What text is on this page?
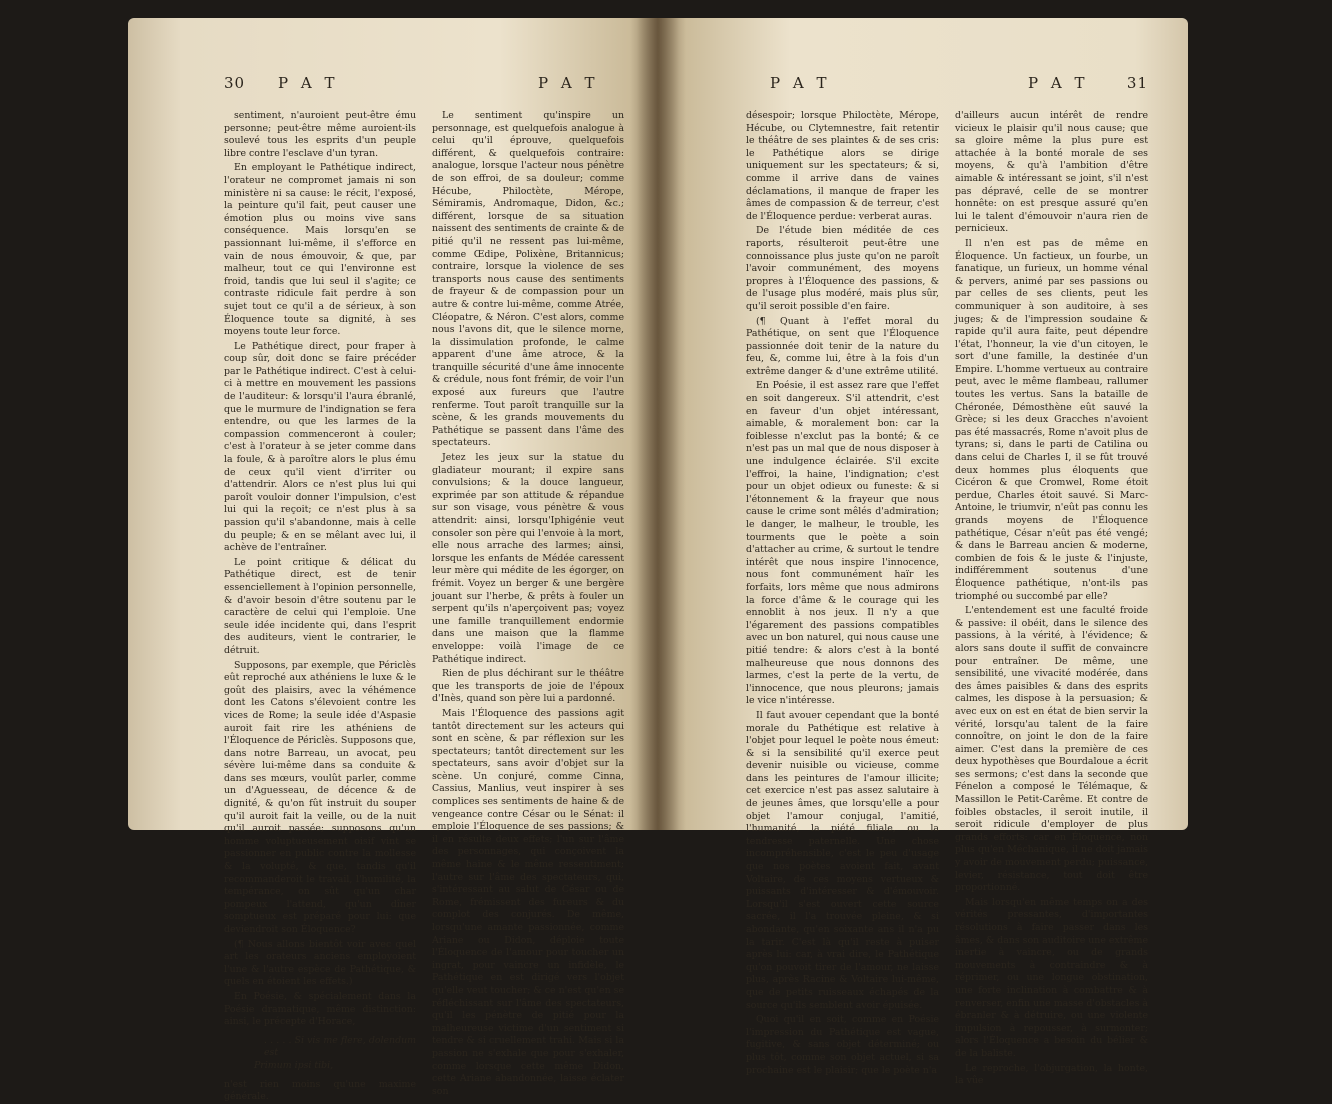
30 P A T	P A T

sentiment, n'auroient peut-être ému personne; peut-être même auroient-ils soulevé tous les esprits d'un peuple libre contre l'esclave d'un tyran.

En employant le Pathétique indirect, l'orateur ne compromet jamais ni son ministère ni sa cause: le récit, l'exposé, la peinture qu'il fait, peut causer une émotion plus ou moins vive sans conséquence. Mais lorsqu'en se passionnant lui-même, il s'efforce en vain de nous émouvoir, & que, par malheur, tout ce qui l'environne est froid, tandis que lui seul il s'agite; ce contraste ridicule fait perdre à son sujet tout ce qu'il a de sérieux, à son Éloquence toute sa dignité, à ses moyens toute leur force.

Le Pathétique direct, pour fraper à coup sûr, doit donc se faire précéder par le Pathétique indirect. C'est à celui-ci à mettre en mouvement les passions de l'auditeur: & lorsqu'il l'aura ébranlé, que le murmure de l'indignation se fera entendre, ou que les larmes de la compassion commenceront à couler; c'est à l'orateur à se jeter comme dans la foule, & à paroître alors le plus ému de ceux qu'il vient d'irriter ou d'attendrir. Alors ce n'est plus lui qui paroît vouloir donner l'impulsion, c'est lui qui la reçoit; ce n'est plus à sa passion qu'il s'abandonne, mais à celle du peuple; & en se mêlant avec lui, il achève de l'entraîner.

Le point critique & délicat du Pathétique direct, est de tenir essenciellement à l'opinion personnelle, & d'avoir besoin d'être soutenu par le caractère de celui qui l'emploie. Une seule idée incidente qui, dans l'esprit des auditeurs, vient le contrarier, le détruit.

Supposons, par exemple, que Périclès eût reproché aux athéniens le luxe & le goût des plaisirs, avec la véhémence dont les Catons s'élevoient contre les vices de Rome; la seule idée d'Aspasie auroit fait rire les athéniens de l'Éloquence de Périclès. Supposons que, dans notre Barreau, un avocat, peu sévère lui-même dans sa conduite & dans ses mœurs, voulût parler, comme un d'Aguesseau, de décence & de dignité, & qu'on fût instruit du souper qu'il auroit fait la veille, ou de la nuit qu'il auroit passée; supposons qu'un homme voluptueusement oisif vint se passionner en public contre la mollesse & la volupté, & que, tandis qu'il recommanderoit le travail, l'humilité, la tempérance, on sût qu'un char pompeux l'attend, qu'un dîner somptueux est préparé pour lui: que deviendroit son Éloquence?

(¶ Nous allons bientôt voir avec quel art les orateurs anciens employoient l'une & l'autre espèce de Pathétique, & quels en étoient les effets.)

En Poésie, & spécialement dans la Poésie dramatique, même distinction: ainsi, le précepte d'Horace,

. . . . . Si vis me flere, dolendum est

Primum ipsi tibi,

n'est rien moins qu'une maxime générale.

Le sentiment qu'inspire un personnage, est quelquefois analogue à celui qu'il éprouve, quelquefois différent, & quelquefois contraire: analogue, lorsque l'acteur nous pénètre de son effroi, de sa douleur; comme Hécube, Philoctète, Mérope, Sémiramis, Andromaque, Didon, &c.; différent, lorsque de sa situation naissent des sentiments de crainte & de pitié qu'il ne ressent pas lui-même, comme Œdipe, Polixène, Britannicus; contraire, lorsque la violence de ses transports nous cause des sentiments de frayeur & de compassion pour un autre & contre lui-même, comme Atrée, Cléopatre, & Néron. C'est alors, comme nous l'avons dit, que le silence morne, la dissimulation profonde, le calme apparent d'une âme atroce, & la tranquille sécurité d'une âme innocente & crédule, nous font frémir, de voir l'un exposé aux fureurs que l'autre renferme. Tout paroît tranquille sur la scène, & les grands mouvements du Pathétique se passent dans l'âme des spectateurs.

Jetez les jeux sur la statue du gladiateur mourant; il expire sans convulsions; & la douce langueur, exprimée par son attitude & répandue sur son visage, vous pénètre & vous attendrit: ainsi, lorsqu'Iphigénie veut consoler son père qui l'envoie à la mort, elle nous arrache des larmes; ainsi, lorsque les enfants de Médée caressent leur mère qui médite de les égorger, on frémit. Voyez un berger & une bergère jouant sur l'herbe, & prêts à fouler un serpent qu'ils n'aperçoivent pas; voyez une famille tranquillement endormie dans une maison que la flamme enveloppe: voilà l'image de ce Pathétique indirect.

Rien de plus déchirant sur le théâtre que les transports de joie de l'époux d'Inès, quand son père lui a pardonné.

Mais l'Éloquence des passions agit tantôt directement sur les acteurs qui sont en scène, & par réflexion sur les spectateurs; tantôt directement sur les spectateurs, sans avoir d'objet sur la scène. Un conjuré, comme Cinna, Cassius, Manlius, veut inspirer à ses complices ses sentiments de haine & de vengeance contre César ou le Sénat: il emploie l'Éloquence de ses passions; & il en résulte deux effets; l'un sur l'âme des personnages, qui conçoivent la même haine & le même ressentiment; l'autre sur l'âme des spectateurs, qui, s'intéressant au salut de César ou de Rome, frémissent des fureurs & du complot des conjurés. De même, lorsqu'une amante passionnée, comme Ariane ou Didon, déploie toute l'Éloquence de l'amour pour toucher un ingrat, pour vaincre un infidèle, le Pathétique en est dirigé vers l'objet qu'elle veut toucher; & ce n'est qu'en se réfléchissant sur l'âme des spectateurs, qu'il les pénètre de pitié pour la malheureuse victime d'un sentiment si tendre & si cruellement trahi. Mais si la passion ne s'exhale que pour s'exhaler, comme lorsque cette même Didon, cette Ariane abandonnée, laisse éclater son

P A T	P A T	31

désespoir; lorsque Philoctète, Mérope, Hécube, ou Clytemnestre, fait retentir le théâtre de ses plaintes & de ses cris: le Pathétique alors se dirige uniquement sur les spectateurs; & si, comme il arrive dans de vaines déclamations, il manque de fraper les âmes de compassion & de terreur, c'est de l'Éloquence perdue: verberat auras.

De l'étude bien méditée de ces raports, résulteroit peut-être une connoissance plus juste qu'on ne paroît l'avoir communément, des moyens propres à l'Éloquence des passions, & de l'usage plus modéré, mais plus sûr, qu'il seroit possible d'en faire.

(¶ Quant à l'effet moral du Pathétique, on sent que l'Éloquence passionnée doit tenir de la nature du feu, &, comme lui, être à la fois d'un extrême danger & d'une extrême utilité.

En Poésie, il est assez rare que l'effet en soit dangereux. S'il attendrit, c'est en faveur d'un objet intéressant, aimable, & moralement bon: car la foiblesse n'exclut pas la bonté; & ce n'est pas un mal que de nous disposer à une indulgence éclairée. S'il excite l'effroi, la haine, l'indignation; c'est pour un objet odieux ou funeste: & si l'étonnement & la frayeur que nous cause le crime sont mêlés d'admiration; le danger, le malheur, le trouble, les tourments que le poète a soin d'attacher au crime, & surtout le tendre intérêt que nous inspire l'innocence, nous font communément haïr les forfaits, lors même que nous admirons la force d'âme & le courage qui les ennoblit à nos jeux. Il n'y a que l'égarement des passions compatibles avec un bon naturel, qui nous cause une pitié tendre: & alors c'est à la bonté malheureuse que nous donnons des larmes, c'est la perte de la vertu, de l'innocence, que nous pleurons; jamais le vice n'intéresse.

Il faut avouer cependant que la bonté morale du Pathétique est relative à l'objet pour lequel le poète nous émeut: & si la sensibilité qu'il exerce peut devenir nuisible ou vicieuse, comme dans les peintures de l'amour illicite; cet exercice n'est pas assez salutaire à de jeunes âmes, que lorsqu'elle a pour objet l'amour conjugal, l'amitié, l'humanité, la piété filiale, ou la tendresse paternelle. Une chose incompréhensible, c'est le peu d'usage que nos poètes avoient fait, avant Voltaire, de ces moyens vertueux & puissants d'intéresser & d'émouvoir. Lorsqu'il s'est ouvert cette source sacrée, il l'a trouvée pleine, & si abondante, qu'en soixante ans il n'a pu la tarir. C'est là qu'il reste à puiser après lui: car, à vrai dire, le Pathétique qu'on pouvoit tirer de l'amour, ne laisse plus, après Racine & Voltaire lui-même, que de petits ruisseaux échapés de la source qu'ils semblent avoir épuisée.

Quoi qu'il en soit, comme en Poésie l'impression du Pathétique est vague, fugitive, & sans objet déterminé; ou plus tôt, comme son objet actuel, si sa prochaine est le plaisir; que le poète n'a

d'ailleurs aucun intérêt de rendre vicieux le plaisir qu'il nous cause; que sa gloire même la plus pure est attachée à la bonté morale de ses moyens, & qu'à l'ambition d'être aimable & intéressant se joint, s'il n'est pas dépravé, celle de se montrer honnête: on est presque assuré qu'en lui le talent d'émouvoir n'aura rien de pernicieux.

Il n'en est pas de même en Éloquence. Un factieux, un fourbe, un fanatique, un furieux, un homme vénal & pervers, animé par ses passions ou par celles de ses clients, peut les communiquer à son auditoire, à ses juges; & de l'impression soudaine & rapide qu'il aura faite, peut dépendre l'état, l'honneur, la vie d'un citoyen, le sort d'une famille, la destinée d'un Empire. L'homme vertueux au contraire peut, avec le même flambeau, rallumer toutes les vertus. Sans la bataille de Chéronée, Démosthène eût sauvé la Grèce; si les deux Gracches n'avoient pas été massacrés, Rome n'avoit plus de tyrans; si, dans le parti de Catilina ou dans celui de Charles I, il se fût trouvé deux hommes plus éloquents que Cicéron & que Cromwel, Rome étoit perdue, Charles étoit sauvé. Si Marc-Antoine, le triumvir, n'eût pas connu les grands moyens de l'Éloquence pathétique, César n'eût pas été vengé; & dans le Barreau ancien & moderne, combien de fois & le juste & l'injuste, indifféremment soutenus d'une Éloquence pathétique, n'ont-ils pas triomphé ou succombé par elle?

L'entendement est une faculté froide & passive: il obéit, dans le silence des passions, à la vérité, à l'évidence; & alors sans doute il suffit de convaincre pour entraîner. De même, une sensibilité, une vivacité modérée, dans des âmes paisibles & dans des esprits calmes, les dispose à la persuasion; & avec eux on est en état de bien servir la vérité, lorsqu'au talent de la faire connoître, on joint le don de la faire aimer. C'est dans la première de ces deux hypothèses que Bourdaloue a écrit ses sermons; c'est dans la seconde que Fénelon a composé le Télémaque, & Massillon le Petit-Carême. Et contre de foibles obstacles, il seroit inutile, il seroit ridicule d'employer de plus grands efforts: car en Éloquence, non plus qu'en Méchanique, il ne doit jamais y avoir de mouvement perdu; puissance, levier, résistance, tout doit être proportionné.

Mais lorsqu'en même temps on a des vérités pressantes, d'importantes résolutions à faire passer dans les âmes, & dans son auditoire une extrême inertie à vaincre, ou de grands mouvements à contraindre & à réprimer, ou une longue obstination, une forte inclination à combattre & à renverser, enfin une masse d'obstacles à ébranler & à détruire, ou une violente impulsion à repousser, à surmonter; alors l'Éloquence a besoin du bélier & de la baliste.

Le reproche, l'objurgation, la honte, la vûe
